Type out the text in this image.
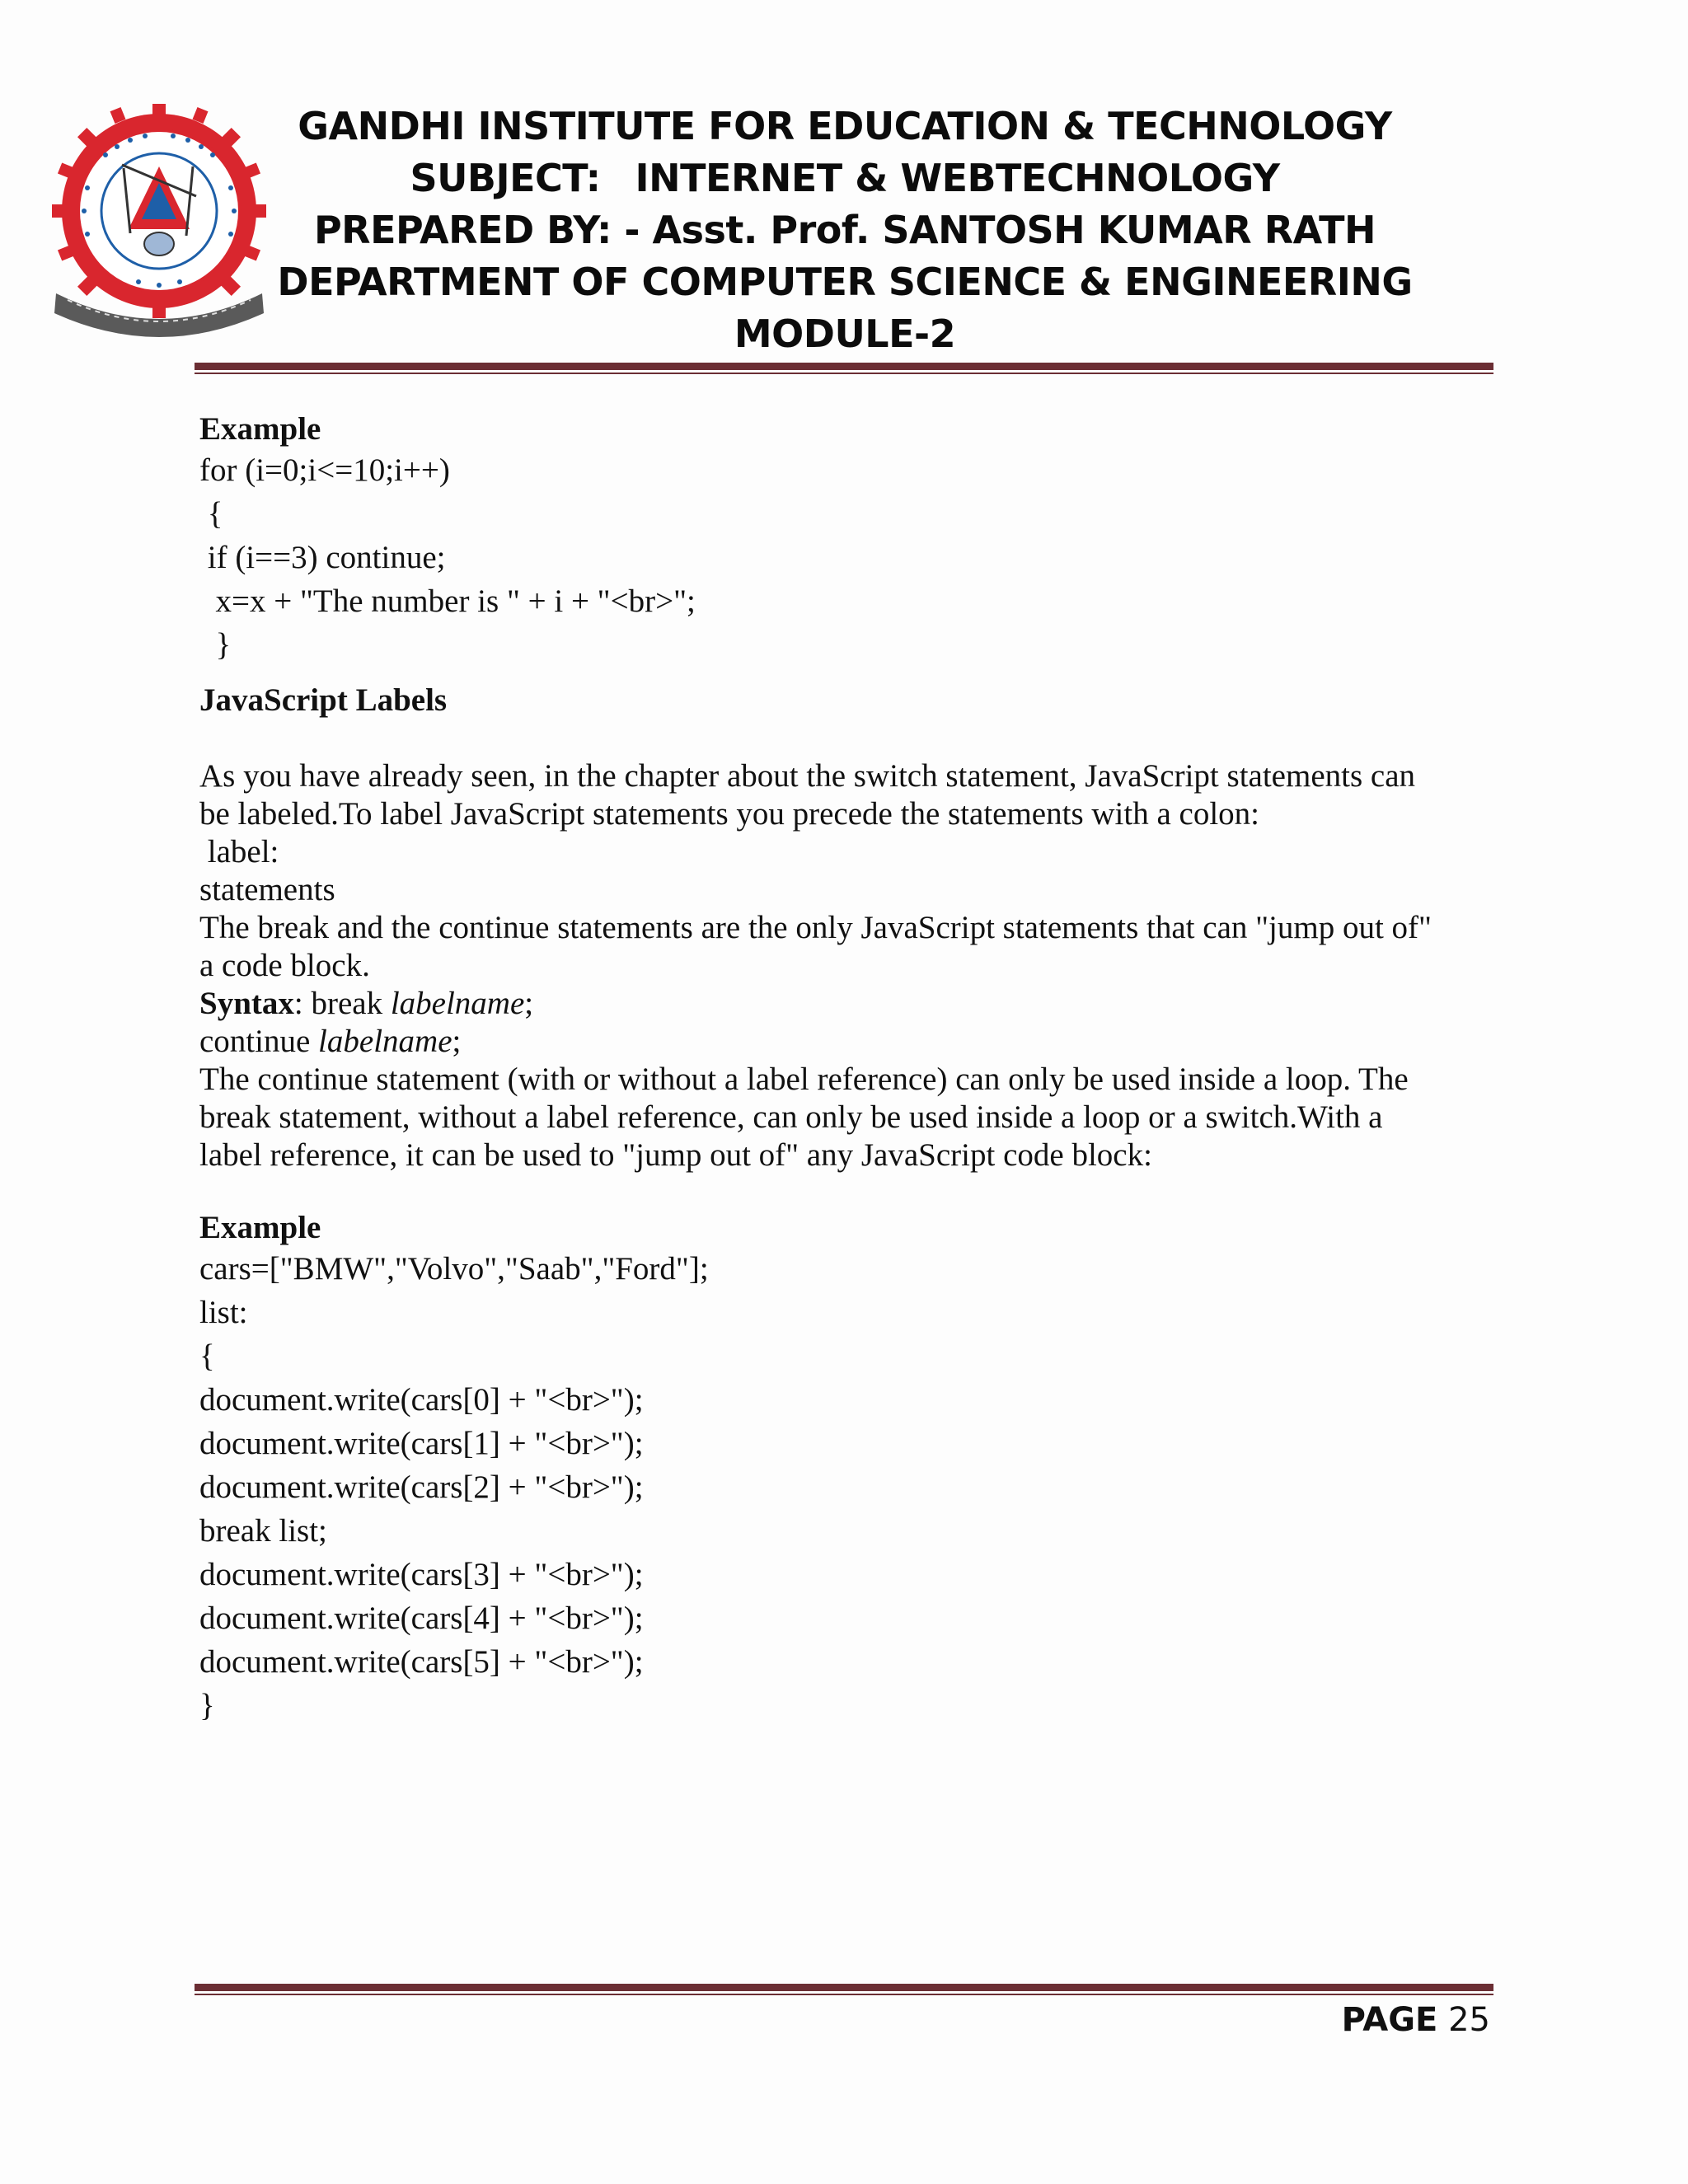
GANDHI INSTITUTE FOR EDUCATION & TECHNOLOGY
SUBJECT: INTERNET & WEBTECHNOLOGY
PREPARED BY: - Asst. Prof. SANTOSH KUMAR RATH
DEPARTMENT OF COMPUTER SCIENCE & ENGINEERING
MODULE-2
Example
for (i=0;i<=10;i++)
{
if (i==3) continue;
x=x + "The number is " + i + "<br>";
}
JavaScript Labels
As you have already seen, in the chapter about the switch statement, JavaScript statements can
be labeled.To label JavaScript statements you precede the statements with a colon:
label:
statements
The break and the continue statements are the only JavaScript statements that can "jump out of"
a code block.
Syntax: break labelname;
continue labelname;
The continue statement (with or without a label reference) can only be used inside a loop. The
break statement, without a label reference, can only be used inside a loop or a switch.With a
label reference, it can be used to "jump out of" any JavaScript code block:
Example
cars=["BMW","Volvo","Saab","Ford"];
list:
{
document.write(cars[0] + "<br>");
document.write(cars[1] + "<br>");
document.write(cars[2] + "<br>");
break list;
document.write(cars[3] + "<br>");
document.write(cars[4] + "<br>");
document.write(cars[5] + "<br>");
}
PAGE 25
